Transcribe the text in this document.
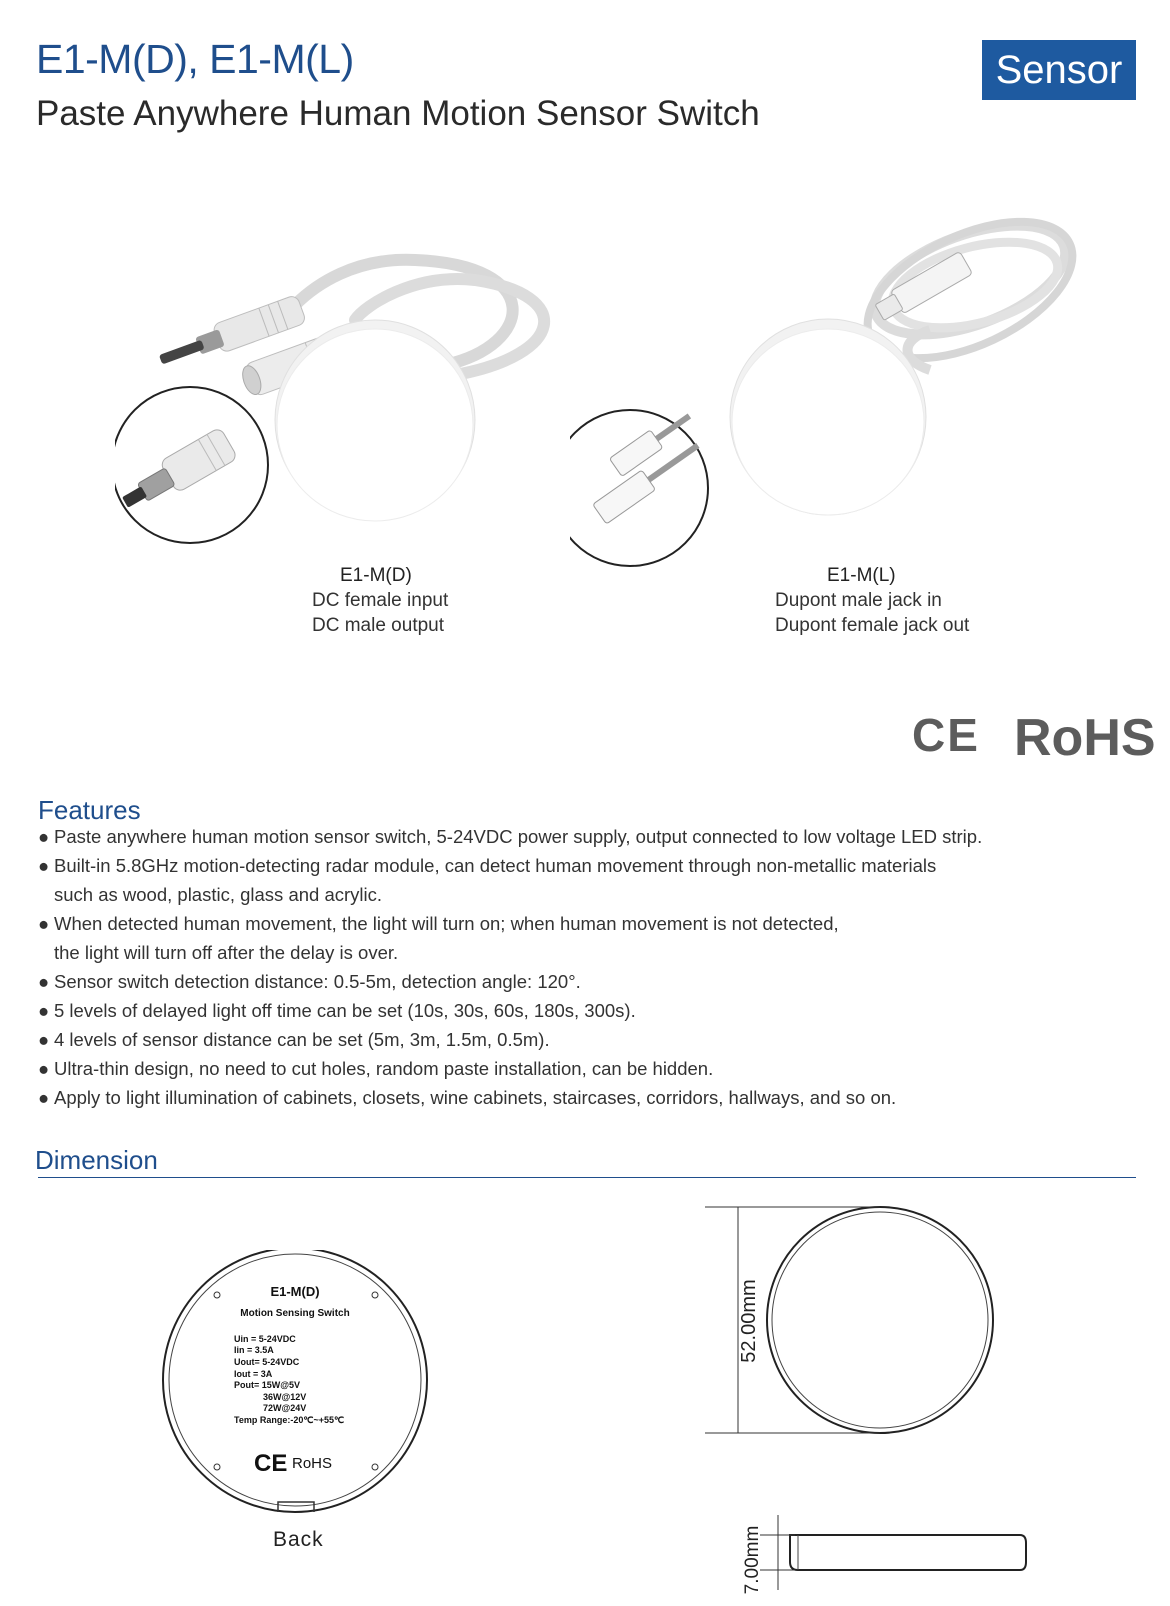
E1-M(D), E1-M(L)
Paste Anywhere Human Motion Sensor Switch
Sensor
E1-M(D)
DC female input
DC male output
E1-M(L)
Dupont male jack in
Dupont female jack out
CE RoHS
Features
● Paste anywhere human motion sensor switch, 5-24VDC power supply, output connected to low voltage LED strip.
● Built-in 5.8GHz motion-detecting radar module, can detect human movement through non-metallic materials
such as wood, plastic, glass and acrylic.
● When detected human movement, the light will turn on; when human movement is not detected,
the light will turn off after the delay is over.
● Sensor switch detection distance: 0.5-5m, detection angle: 120°.
● 5 levels of delayed light off time can be set (10s, 30s, 60s, 180s, 300s).
● 4 levels of sensor distance can be set (5m, 3m, 1.5m, 0.5m).
● Ultra-thin design, no need to cut holes, random paste installation, can be hidden.
● Apply to light illumination of cabinets, closets, wine cabinets, staircases, corridors, hallways, and so on.
Dimension
E1-M(D)
Motion Sensing Switch
Uin = 5-24VDC
Iin = 3.5A
Uout= 5-24VDC
Iout = 3A
Pout= 15W@5V
36W@12V
72W@24V
Temp Range:-20℃~+55℃
CE RoHS
Back
52.00mm
7.00mm
